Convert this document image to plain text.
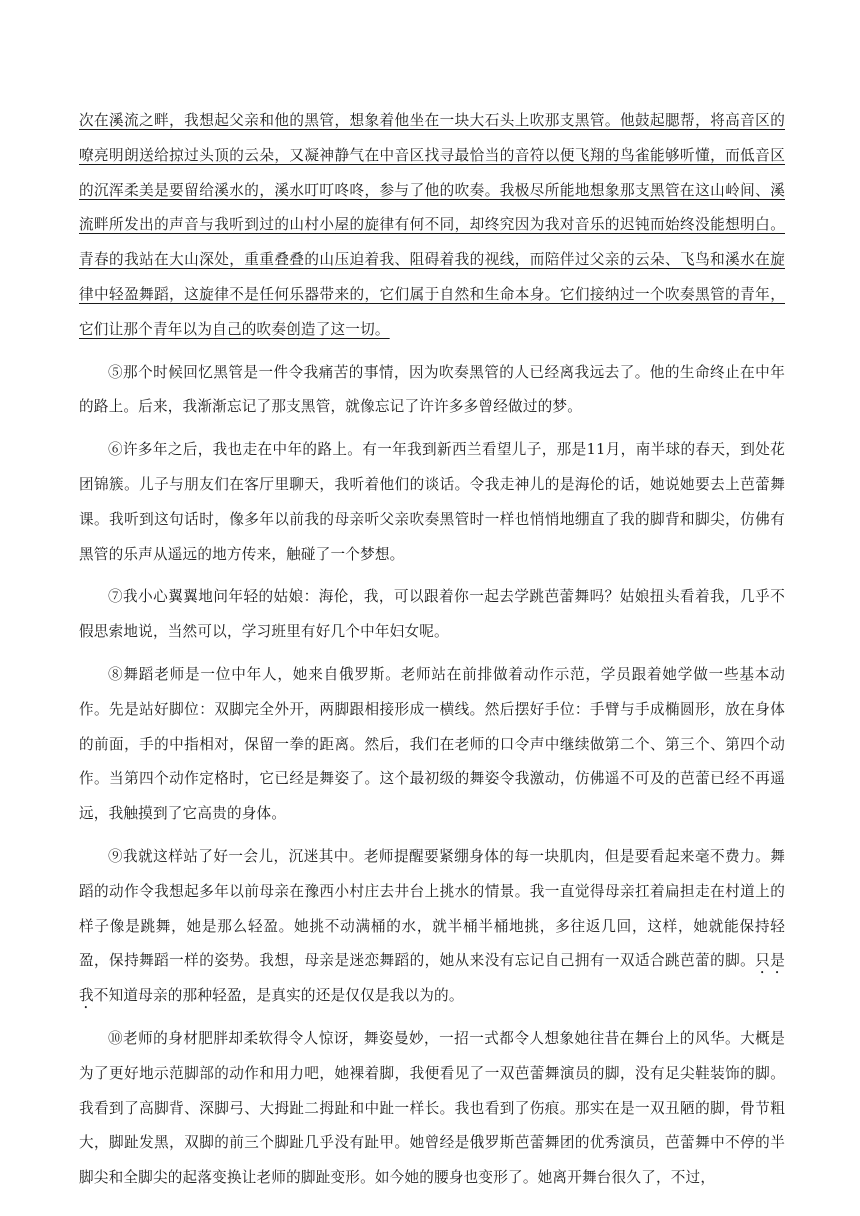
次在溪流之畔，我想起父亲和他的黑管，想象着他坐在一块大石头上吹那支黑管。他鼓起腮帮，将高音区的嘹亮明朗送给掠过头顶的云朵，又凝神静气在中音区找寻最恰当的音符以便飞翔的鸟雀能够听懂，而低音区的沉浑柔美是要留给溪水的，溪水叮叮咚咚，参与了他的吹奏。我极尽所能地想象那支黑管在这山岭间、溪流畔所发出的声音与我听到过的山村小屋的旋律有何不同，却终究因为我对音乐的迟钝而始终没能想明白。青春的我站在大山深处，重重叠叠的山压迫着我、阻碍着我的视线，而陪伴过父亲的云朵、飞鸟和溪水在旋律中轻盈舞蹈，这旋律不是任何乐器带来的，它们属于自然和生命本身。它们接纳过一个吹奏黑管的青年，它们让那个青年以为自己的吹奏创造了这一切。

⑤那个时候回忆黑管是一件令我痛苦的事情，因为吹奏黑管的人已经离我远去了。他的生命终止在中年的路上。后来，我渐渐忘记了那支黑管，就像忘记了许许多多曾经做过的梦。

⑥许多年之后，我也走在中年的路上。有一年我到新西兰看望儿子，那是11月，南半球的春天，到处花团锦簇。儿子与朋友们在客厅里聊天，我听着他们的谈话。令我走神儿的是海伦的话，她说她要去上芭蕾舞课。我听到这句话时，像多年以前我的母亲听父亲吹奏黑管时一样也悄悄地绷直了我的脚背和脚尖，仿佛有黑管的乐声从遥远的地方传来，触碰了一个梦想。

⑦我小心翼翼地问年轻的姑娘：海伦，我，可以跟着你一起去学跳芭蕾舞吗？姑娘扭头看着我，几乎不假思索地说，当然可以，学习班里有好几个中年妇女呢。

⑧舞蹈老师是一位中年人，她来自俄罗斯。老师站在前排做着动作示范，学员跟着她学做一些基本动作。先是站好脚位：双脚完全外开，两脚跟相接形成一横线。然后摆好手位：手臂与手成椭圆形，放在身体的前面，手的中指相对，保留一拳的距离。然后，我们在老师的口令声中继续做第二个、第三个、第四个动作。当第四个动作定格时，它已经是舞姿了。这个最初级的舞姿令我激动，仿佛遥不可及的芭蕾已经不再遥远，我触摸到了它高贵的身体。

⑨我就这样站了好一会儿，沉迷其中。老师提醒要紧绷身体的每一块肌肉，但是要看起来毫不费力。舞蹈的动作令我想起多年以前母亲在豫西小村庄去井台上挑水的情景。我一直觉得母亲扛着扁担走在村道上的样子像是跳舞，她是那么轻盈。她挑不动满桶的水，就半桶半桶地挑，多往返几回，这样，她就能保持轻盈，保持舞蹈一样的姿势。我想，母亲是迷恋舞蹈的，她从来没有忘记自己拥有一双适合跳芭蕾的脚。只是我不知道母亲的那种轻盈，是真实的还是仅仅是我以为的。

⑩老师的身材肥胖却柔软得令人惊讶，舞姿曼妙，一招一式都令人想象她往昔在舞台上的风华。大概是为了更好地示范脚部的动作和用力吧，她裸着脚，我便看见了一双芭蕾舞演员的脚，没有足尖鞋装饰的脚。我看到了高脚背、深脚弓、大拇趾二拇趾和中趾一样长。我也看到了伤痕。那实在是一双丑陋的脚，骨节粗大，脚趾发黑，双脚的前三个脚趾几乎没有趾甲。她曾经是俄罗斯芭蕾舞团的优秀演员，芭蕾舞中不停的半脚尖和全脚尖的起落变换让老师的脚趾变形。如今她的腰身也变形了。她离开舞台很久了，不过，
